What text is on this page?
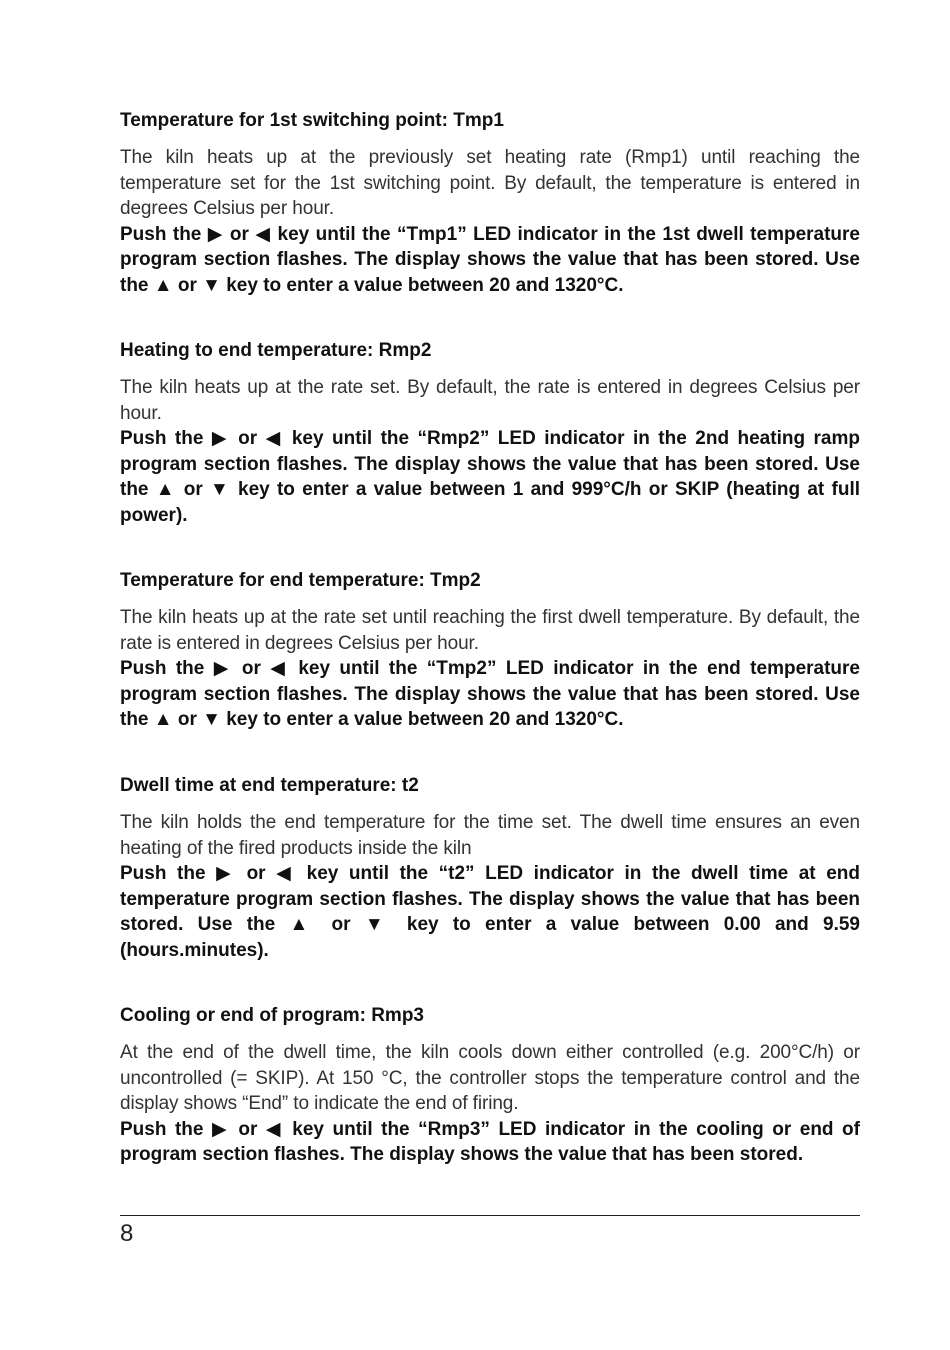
Temperature for 1st switching point: Tmp1

The kiln heats up at the previously set heating rate (Rmp1) until reaching the temperature set for the 1st switching point. By default, the temperature is entered in degrees Celsius per hour.

Push the ▶ or ◀ key until the “Tmp1” LED indicator in the 1st dwell temperature program section flashes. The display shows the value that has been stored. Use the ▲ or ▼ key to enter a value between 20 and 1320°C.

Heating to end temperature: Rmp2

The kiln heats up at the rate set. By default, the rate is entered in degrees Celsius per hour.

Push the ▶ or ◀ key until the “Rmp2” LED indicator in the 2nd heating ramp program section flashes. The display shows the value that has been stored. Use the ▲ or ▼ key to enter a value between 1 and 999°C/h or SKIP (heating at full power).

Temperature for end temperature: Tmp2

The kiln heats up at the rate set until reaching the first dwell temperature. By default, the rate is entered in degrees Celsius per hour.

Push the ▶ or ◀ key until the “Tmp2” LED indicator in the end temperature program section flashes. The display shows the value that has been stored. Use the ▲ or ▼ key to enter a value between 20 and 1320°C.

Dwell time at end temperature: t2

The kiln holds the end temperature for the time set. The dwell time ensures an even heating of the fired products inside the kiln

Push the ▶ or ◀ key until the “t2” LED indicator in the dwell time at end temperature program section flashes. The display shows the value that has been stored. Use the ▲ or ▼ key to enter a value between 0.00 and 9.59 (hours.minutes).

Cooling or end of program: Rmp3

At the end of the dwell time, the kiln cools down either controlled (e.g. 200°C/h) or uncontrolled (= SKIP). At 150 °C, the controller stops the temperature control and the display shows “End” to indicate the end of firing.

Push the ▶ or ◀ key until the “Rmp3” LED indicator in the cooling or end of program section flashes. The display shows the value that has been stored.

8
